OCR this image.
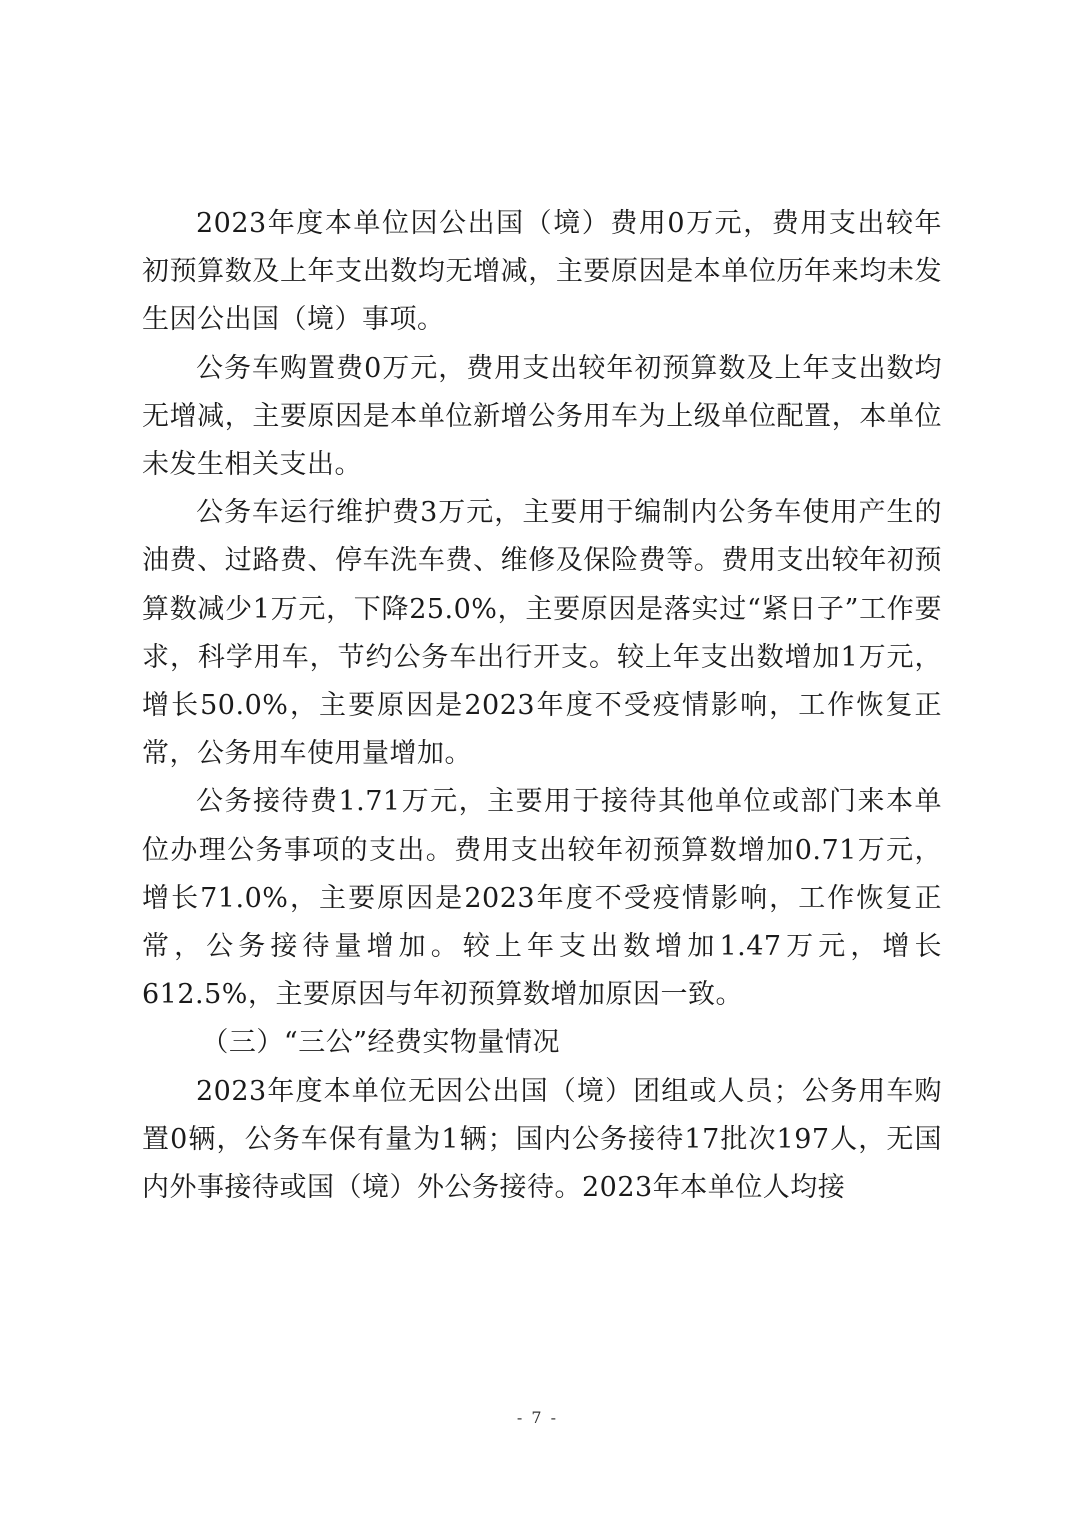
2023年度本单位因公出国（境）费用0万元，费用支出较年初预算数及上年支出数均无增减，主要原因是本单位历年来均未发生因公出国（境）事项。

公务车购置费0万元，费用支出较年初预算数及上年支出数均无增减，主要原因是本单位新增公务用车为上级单位配置，本单位未发生相关支出。

公务车运行维护费3万元，主要用于编制内公务车使用产生的油费、过路费、停车洗车费、维修及保险费等。费用支出较年初预算数减少1万元，下降25.0%，主要原因是落实过“紧日子”工作要求，科学用车，节约公务车出行开支。较上年支出数增加1万元，增长50.0%，主要原因是2023年度不受疫情影响，工作恢复正常，公务用车使用量增加。

公务接待费1.71万元，主要用于接待其他单位或部门来本单位办理公务事项的支出。费用支出较年初预算数增加0.71万元，增长71.0%，主要原因是2023年度不受疫情影响，工作恢复正常，公务接待量增加。较上年支出数增加1.47万元，增长612.5%，主要原因与年初预算数增加原因一致。

（三）“三公”经费实物量情况

2023年度本单位无因公出国（境）团组或人员；公务用车购置0辆，公务车保有量为1辆；国内公务接待17批次197人，无国内外事接待或国（境）外公务接待。2023年本单位人均接

- 7 -
